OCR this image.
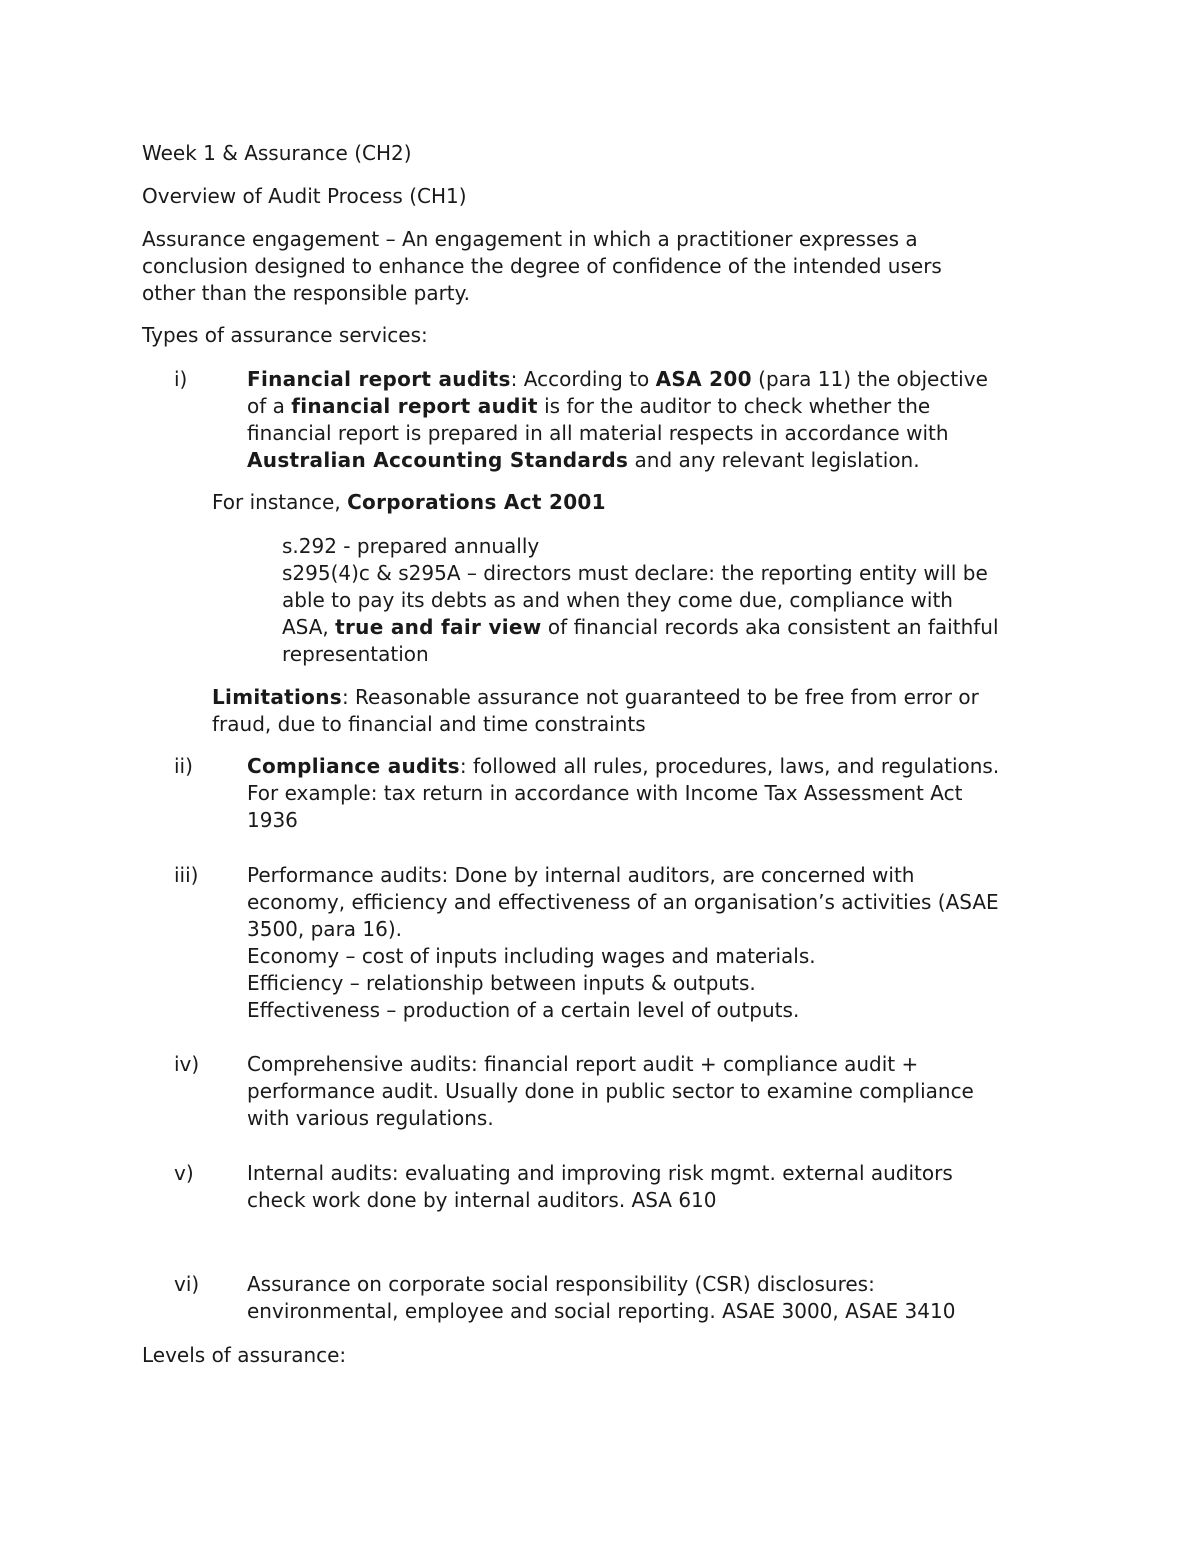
Week 1 & Assurance (CH2)

Overview of Audit Process (CH1)

Assurance engagement – An engagement in which a practitioner expresses a
conclusion designed to enhance the degree of confidence of the intended users
other than the responsible party.

Types of assurance services:

i)	Financial report audits: According to ASA 200 (para 11) the objective
of a financial report audit is for the auditor to check whether the
financial report is prepared in all material respects in accordance with
Australian Accounting Standards and any relevant legislation.

For instance, Corporations Act 2001

s.292 - prepared annually
s295(4)c & s295A – directors must declare: the reporting entity will be
able to pay its debts as and when they come due, compliance with
ASA, true and fair view of financial records aka consistent an faithful
representation
Limitations: Reasonable assurance not guaranteed to be free from error or
fraud, due to financial and time constraints
ii)	Compliance audits: followed all rules, procedures, laws, and regulations.
For example: tax return in accordance with Income Tax Assessment Act
1936
iii) Performance audits: Done by internal auditors, are concerned with
economy, efficiency and effectiveness of an organisation’s activities (ASAE
3500, para 16).
Economy – cost of inputs including wages and materials.
Efficiency – relationship between inputs & outputs.
Effectiveness – production of a certain level of outputs.
iv) Comprehensive audits: financial report audit + compliance audit +
performance audit. Usually done in public sector to examine compliance
with various regulations.
v)	Internal audits: evaluating and improving risk mgmt. external auditors
check work done by internal auditors. ASA 610
vi) Assurance on corporate social responsibility (CSR) disclosures:
environmental, employee and social reporting. ASAE 3000, ASAE 3410

Levels of assurance:
